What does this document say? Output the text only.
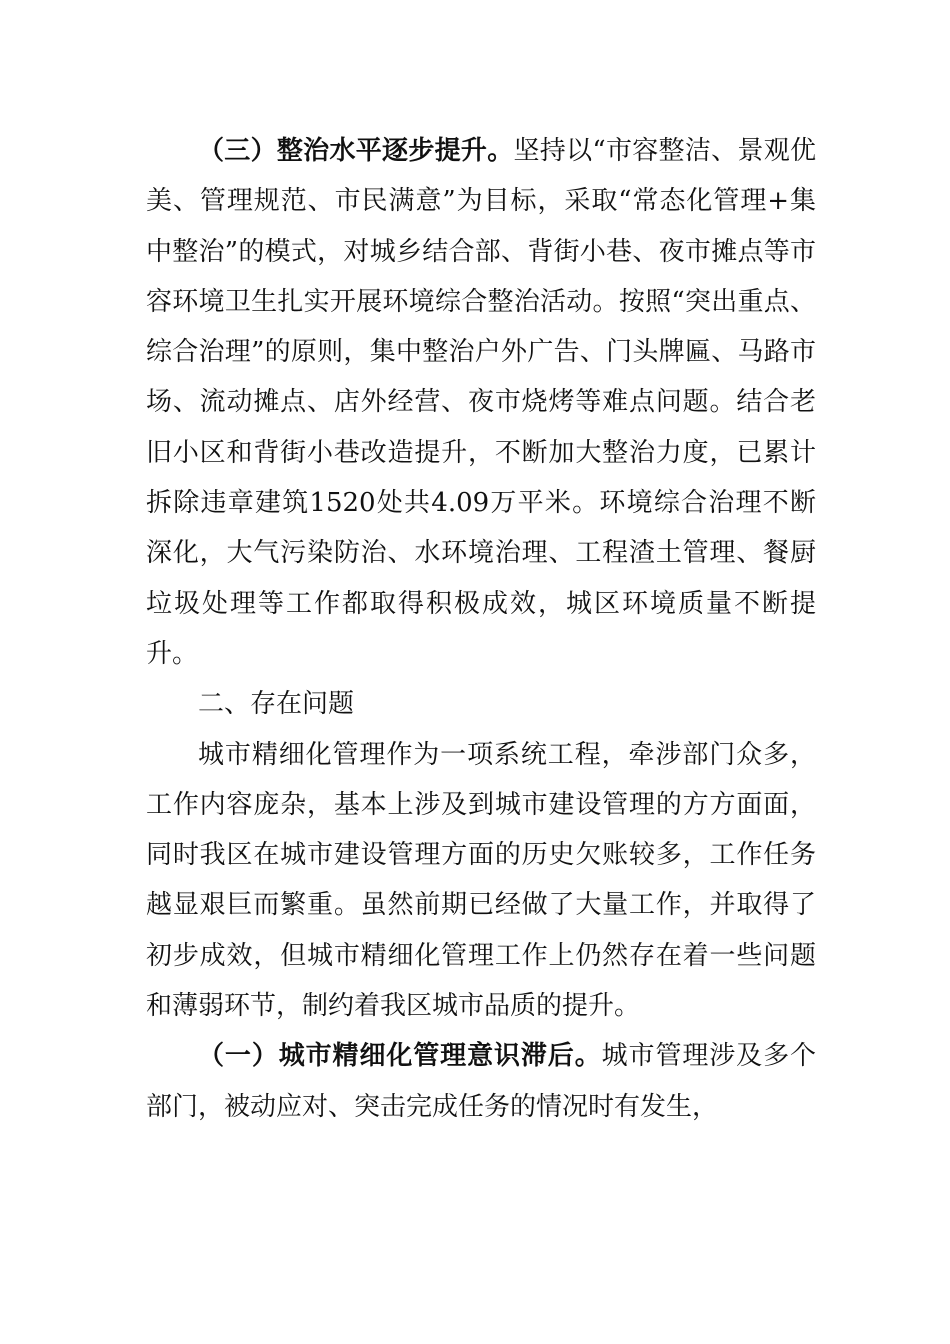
（三）整治水平逐步提升。坚持以“市容整洁、景观优美、管理规范、市民满意”为目标，采取“常态化管理+集中整治”的模式，对城乡结合部、背街小巷、夜市摊点等市容环境卫生扎实开展环境综合整治活动。按照“突出重点、综合治理”的原则，集中整治户外广告、门头牌匾、马路市场、流动摊点、店外经营、夜市烧烤等难点问题。结合老旧小区和背街小巷改造提升，不断加大整治力度，已累计拆除违章建筑1520处共4.09万平米。环境综合治理不断深化，大气污染防治、水环境治理、工程渣土管理、餐厨垃圾处理等工作都取得积极成效，城区环境质量不断提升。

二、存在问题

城市精细化管理作为一项系统工程，牵涉部门众多，工作内容庞杂，基本上涉及到城市建设管理的方方面面，同时我区在城市建设管理方面的历史欠账较多，工作任务越显艰巨而繁重。虽然前期已经做了大量工作，并取得了初步成效，但城市精细化管理工作上仍然存在着一些问题和薄弱环节，制约着我区城市品质的提升。

（一）城市精细化管理意识滞后。城市管理涉及多个部门，被动应对、突击完成任务的情况时有发生，
